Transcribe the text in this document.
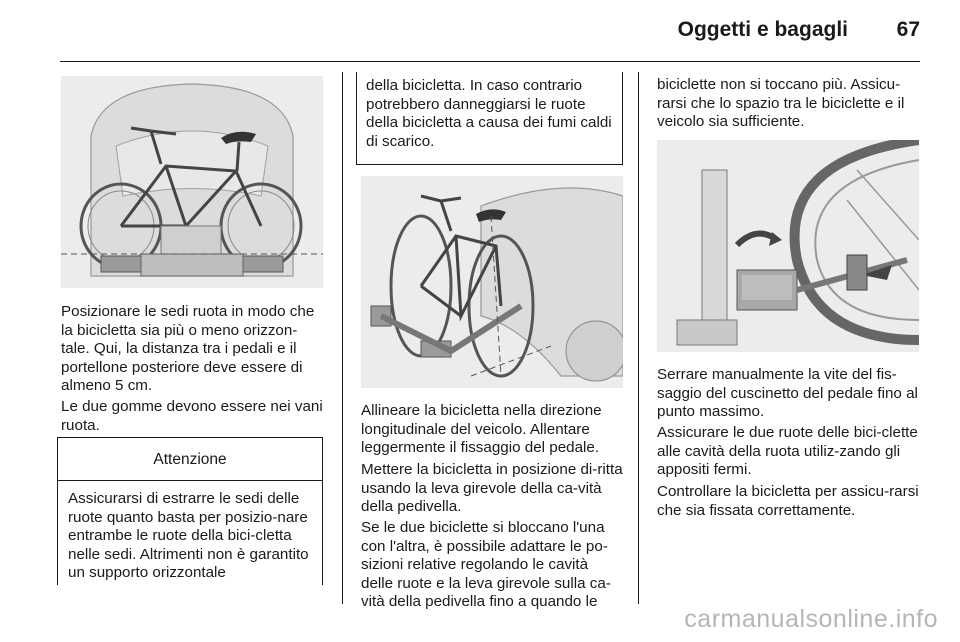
Oggetti e bagagli 67

Posizionare le sedi ruota in modo che la bicicletta sia più o meno orizzon-tale. Qui, la distanza tra i pedali e il portellone posteriore deve essere di almeno 5 cm.

Le due gomme devono essere nei vani ruota.

Attenzione

Assicurarsi di estrarre le sedi delle ruote quanto basta per posizio-nare entrambe le ruote della bici-cletta nelle sedi. Altrimenti non è garantito un supporto orizzontale

della bicicletta. In caso contrario potrebbero danneggiarsi le ruote della bicicletta a causa dei fumi caldi di scarico.

Allineare la bicicletta nella direzione longitudinale del veicolo. Allentare leggermente il fissaggio del pedale.

Mettere la bicicletta in posizione di-ritta usando la leva girevole della ca-vità della pedivella.

Se le due biciclette si bloccano l'una con l'altra, è possibile adattare le po-sizioni relative regolando le cavità delle ruote e la leva girevole sulla ca-vità della pedivella fino a quando le

biciclette non si toccano più. Assicu-rarsi che lo spazio tra le biciclette e il veicolo sia sufficiente.

Serrare manualmente la vite del fis-saggio del cuscinetto del pedale fino al punto massimo.

Assicurare le due ruote delle bici-clette alle cavità della ruota utiliz-zando gli appositi fermi.

Controllare la bicicletta per assicu-rarsi che sia fissata correttamente.

carmanualsonline.info
